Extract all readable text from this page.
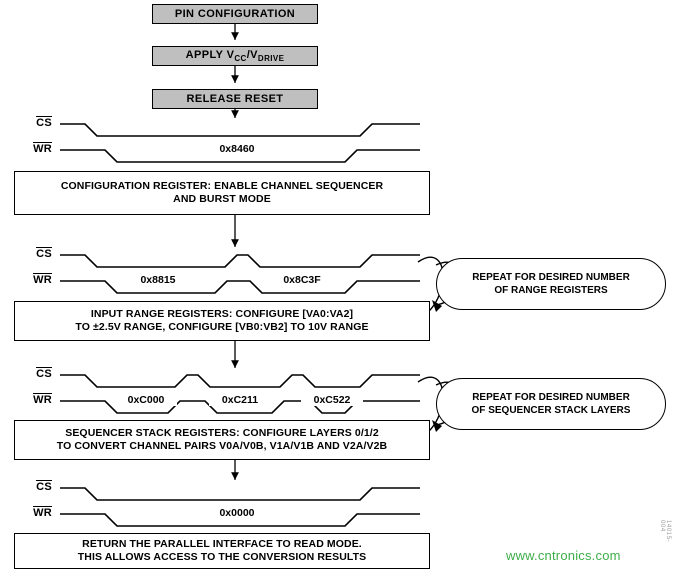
PIN CONFIGURATION
APPLY $V_{CC}/V_{DRIVE}$
RELEASE RESET
CS
WR
CS
WR
CS
WR
CS
WR
0x8460
0x8815	0x8C3F
0xC000	0xC211	0xC522
0x0000
CONFIGURATION REGISTER: ENABLE CHANNEL SEQUENCER
AND BURST MODE
INPUT RANGE REGISTERS: CONFIGURE [VA0:VA2]
TO ±2.5V RANGE, CONFIGURE [VB0:VB2] TO 10V RANGE
SEQUENCER STACK REGISTERS: CONFIGURE LAYERS 0/1/2
TO CONVERT CHANNEL PAIRS V0A/V0B, V1A/V1B AND V2A/V2B
RETURN THE PARALLEL INTERFACE TO READ MODE.
THIS ALLOWS ACCESS TO THE CONVERSION RESULTS
REPEAT FOR DESIRED NUMBER
OF RANGE REGISTERS
REPEAT FOR DESIRED NUMBER
OF SEQUENCER STACK LAYERS
www.cntronics.com
14015-004
